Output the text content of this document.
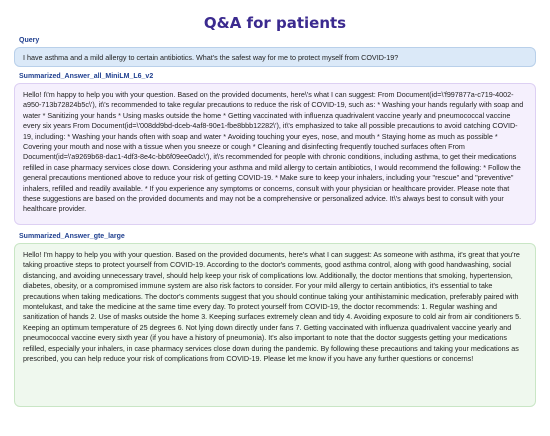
Q&A for patients
Query

I have asthma and a mild allergy to certain antibiotics. What's the safest way for me to protect myself from COVID-19?

Summarized_Answer_all_MiniLM_L6_v2

Hello! I\'m happy to help you with your question. Based on the provided documents, here\'s what I can suggest: From Document(id=\'f997877a-c719-4002-a950-713b72824b5c\'), it\'s recommended to take regular precautions to reduce the risk of COVID-19, such as: * Washing your hands regularly with soap and water * Sanitizing your hands * Using masks outside the home * Getting vaccinated with influenza quadrivalent vaccine yearly and pneumococcal vaccine every six years From Document(id=\'008dd9bd-dceb-4af8-90e1-fbe8bbb12282\'), it\'s emphasized to take all possible precautions to avoid catching COVID-19, including: * Washing your hands often with soap and water * Avoiding touching your eyes, nose, and mouth * Staying home as much as possible * Covering your mouth and nose with a tissue when you sneeze or cough * Cleaning and disinfecting frequently touched surfaces often From Document(id=\'a9269b68-dac1-4df3-8e4c-bb6f09ee0adc\'), it\'s recommended for people with chronic conditions, including asthma, to get their medications refilled in case pharmacy services close down. Considering your asthma and mild allergy to certain antibiotics, I would recommend the following: * Follow the general precautions mentioned above to reduce your risk of getting COVID-19. * Make sure to keep your inhalers, including your "rescue" and "preventive" inhalers, refilled and readily available. * If you experience any symptoms or concerns, consult with your physician or healthcare provider. Please note that these suggestions are based on the provided documents and may not be a comprehensive or personalized advice. It\'s always best to consult with your healthcare provider.

Summarized_Answer_gte_large

Hello! I'm happy to help you with your question. Based on the provided documents, here's what I can suggest: As someone with asthma, it's great that you're taking proactive steps to protect yourself from COVID-19. According to the doctor's comments, good asthma control, along with good handwashing, social distancing, and avoiding unnecessary travel, should help keep your risk of complications low. Additionally, the doctor mentions that smoking, hypertension, diabetes, obesity, or a compromised immune system are also risk factors to consider. For your mild allergy to certain antibiotics, it's essential to take precautions when taking medications. The doctor's comments suggest that you should continue taking your antihistaminic medication, preferably paired with montelukast, and take the medicine at the same time every day. To protect yourself from COVID-19, the doctor recommends: 1. Regular washing and sanitization of hands 2. Use of masks outside the home 3. Keeping surfaces extremely clean and tidy 4. Avoiding exposure to cold air from air conditioners 5. Keeping an optimum temperature of 25 degrees 6. Not lying down directly under fans 7. Getting vaccinated with influenza quadrivalent vaccine yearly and pneumococcal vaccine every sixth year (if you have a history of pneumonia). It's also important to note that the doctor suggests getting your medications refilled, especially your inhalers, in case pharmacy services close down during the pandemic. By following these precautions and taking your medications as prescribed, you can help reduce your risk of complications from COVID-19. Please let me know if you have any further questions or concerns!
